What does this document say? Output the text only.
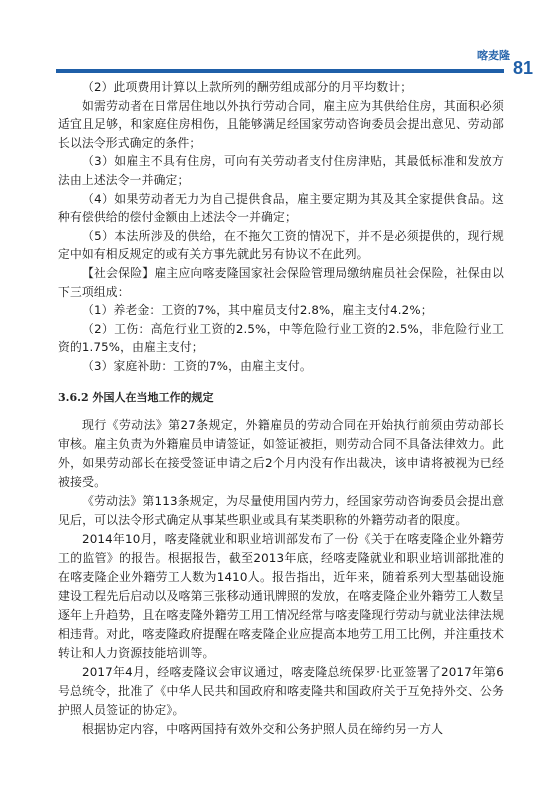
喀麦隆
81

（2）此项费用计算以上款所列的酬劳组成部分的月平均数计；

如需劳动者在日常居住地以外执行劳动合同，雇主应为其供给住房，其面积必须适宜且足够，和家庭住房相伤，且能够满足经国家劳动咨询委员会提出意见、劳动部长以法令形式确定的条件；

（3）如雇主不具有住房，可向有关劳动者支付住房津贴，其最低标准和发放方法由上述法令一并确定；

（4）如果劳动者无力为自己提供食品，雇主要定期为其及其全家提供食品。这种有偿供给的偿付金额由上述法令一并确定；

（5）本法所涉及的供给，在不拖欠工资的情况下，并不是必须提供的，现行规定中如有相反规定的或有关方事先就此另有协议不在此列。

【社会保险】雇主应向喀麦隆国家社会保险管理局缴纳雇员社会保险，社保由以下三项组成：

（1）养老金：工资的7%，其中雇员支付2.8%，雇主支付4.2%；

（2）工伤：高危行业工资的2.5%，中等危险行业工资的2.5%，非危险行业工资的1.75%，由雇主支付；

（3）家庭补助：工资的7%，由雇主支付。

3.6.2 外国人在当地工作的规定

现行《劳动法》第27条规定，外籍雇员的劳动合同在开始执行前须由劳动部长审核。雇主负责为外籍雇员申请签证，如签证被拒，则劳动合同不具备法律效力。此外，如果劳动部长在接受签证申请之后2个月内没有作出裁决，该申请将被视为已经被接受。

《劳动法》第113条规定，为尽量使用国内劳力，经国家劳动咨询委员会提出意见后，可以法令形式确定从事某些职业或具有某类职称的外籍劳动者的限度。

2014年10月，喀麦隆就业和职业培训部发布了一份《关于在喀麦隆企业外籍劳工的监管》的报告。根据报告，截至2013年底，经喀麦隆就业和职业培训部批准的在喀麦隆企业外籍劳工人数为1410人。报告指出，近年来，随着系列大型基础设施建设工程先后启动以及喀第三张移动通讯牌照的发放，在喀麦隆企业外籍劳工人数呈逐年上升趋势，且在喀麦隆外籍劳工用工情况经常与喀麦隆现行劳动与就业法律法规相违背。对此，喀麦隆政府提醒在喀麦隆企业应提高本地劳工用工比例，并注重技术转让和人力资源技能培训等。

2017年4月，经喀麦隆议会审议通过，喀麦隆总统保罗·比亚签署了2017年第6号总统令，批准了《中华人民共和国政府和喀麦隆共和国政府关于互免持外交、公务护照人员签证的协定》。

根据协定内容，中喀两国持有效外交和公务护照人员在缔约另一方人
